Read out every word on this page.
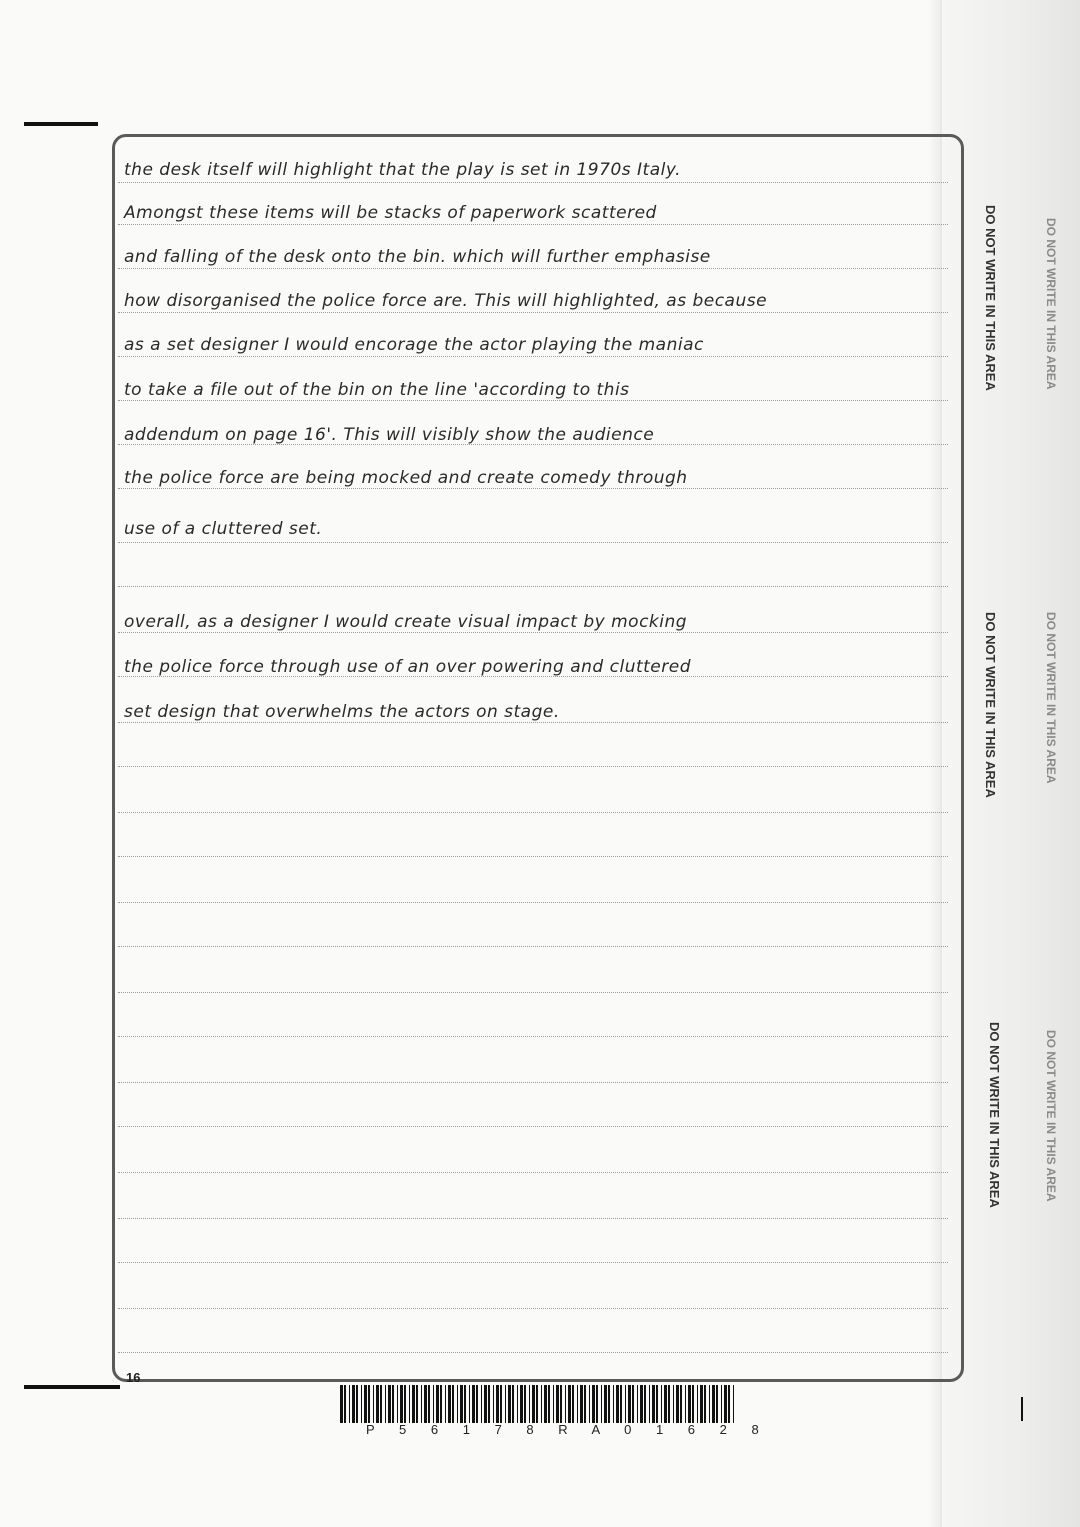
the desk itself will highlight that the play is set in 1970s Italy.
Amongst these items will be stacks of paperwork scattered
and falling of the desk onto the bin. which will further emphasise
how disorganised the police force are. This will highlighted, as because
as a set designer I would encorage the actor playing the maniac
to take a file out of the bin on the line 'according to this
addendum on page 16'. This will visibly show the audience
the police force are being mocked and create comedy through
use of a cluttered set.
overall, as a designer I would create visual impact by mocking
the police force through use of an over powering and cluttered
set design that overwhelms the actors on stage.
16
P 5 6 1 7 8 R A 0 1 6 2 8
DO NOT WRITE IN THIS AREA
DO NOT WRITE IN THIS AREA
DO NOT WRITE IN THIS AREA
DO NOT WRITE IN THIS AREA
DO NOT WRITE IN THIS AREA
DO NOT WRITE IN THIS AREA
